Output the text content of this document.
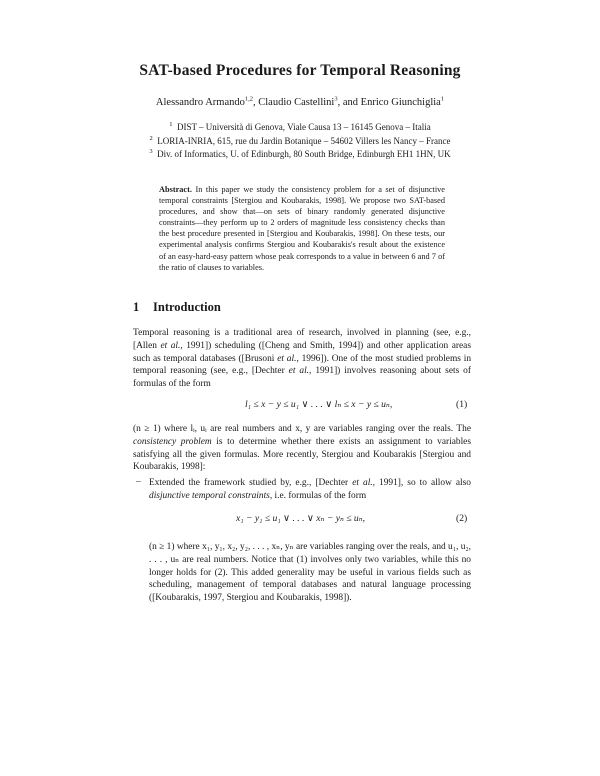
SAT-based Procedures for Temporal Reasoning
Alessandro Armando$^{1,2}$, Claudio Castellini$^3$, and Enrico Giunchiglia$^1$
$^1$ DIST – Università di Genova, Viale Causa 13 – 16145 Genova – Italia
$^2$ LORIA-INRIA, 615, rue du Jardin Botanique – 54602 Villers les Nancy – France
$^3$ Div. of Informatics, U. of Edinburgh, 80 South Bridge, Edinburgh EH1 1HN, UK
Abstract. In this paper we study the consistency problem for a set of disjunctive temporal constraints [Stergiou and Koubarakis, 1998]. We propose two SAT-based procedures, and show that—on sets of binary randomly generated disjunctive constraints—they perform up to 2 orders of magnitude less consistency checks than the best procedure presented in [Stergiou and Koubarakis, 1998]. On these tests, our experimental analysis confirms Stergiou and Koubarakis's result about the existence of an easy-hard-easy pattern whose peak corresponds to a value in between 6 and 7 of the ratio of clauses to variables.
1 Introduction
Temporal reasoning is a traditional area of research, involved in planning (see, e.g., [Allen et al., 1991]) scheduling ([Cheng and Smith, 1994]) and other application areas such as temporal databases ([Brusoni et al., 1996]). One of the most studied problems in temporal reasoning (see, e.g., [Dechter et al., 1991]) involves reasoning about sets of formulas of the form
l₁ ≤ x − y ≤ u₁ ∨ . . . ∨ lₙ ≤ x − y ≤ uₙ,	(1)
(n ≥ 1) where lᵢ, uᵢ are real numbers and x, y are variables ranging over the reals. The consistency problem is to determine whether there exists an assignment to variables satisfying all the given formulas. More recently, Stergiou and Koubarakis [Stergiou and Koubarakis, 1998]:
– Extended the framework studied by, e.g., [Dechter et al., 1991], so to allow also disjunctive temporal constraints, i.e. formulas of the form
x₁ − y₁ ≤ u₁ ∨ . . . ∨ xₙ − yₙ ≤ uₙ,	(2)
(n ≥ 1) where x₁, y₁, x₂, y₂, . . . , xₙ, yₙ are variables ranging over the reals, and u₁, u₂, . . . , uₙ are real numbers. Notice that (1) involves only two variables, while this no longer holds for (2). This added generality may be useful in various fields such as scheduling, management of temporal databases and natural language processing ([Koubarakis, 1997, Stergiou and Koubarakis, 1998]).
